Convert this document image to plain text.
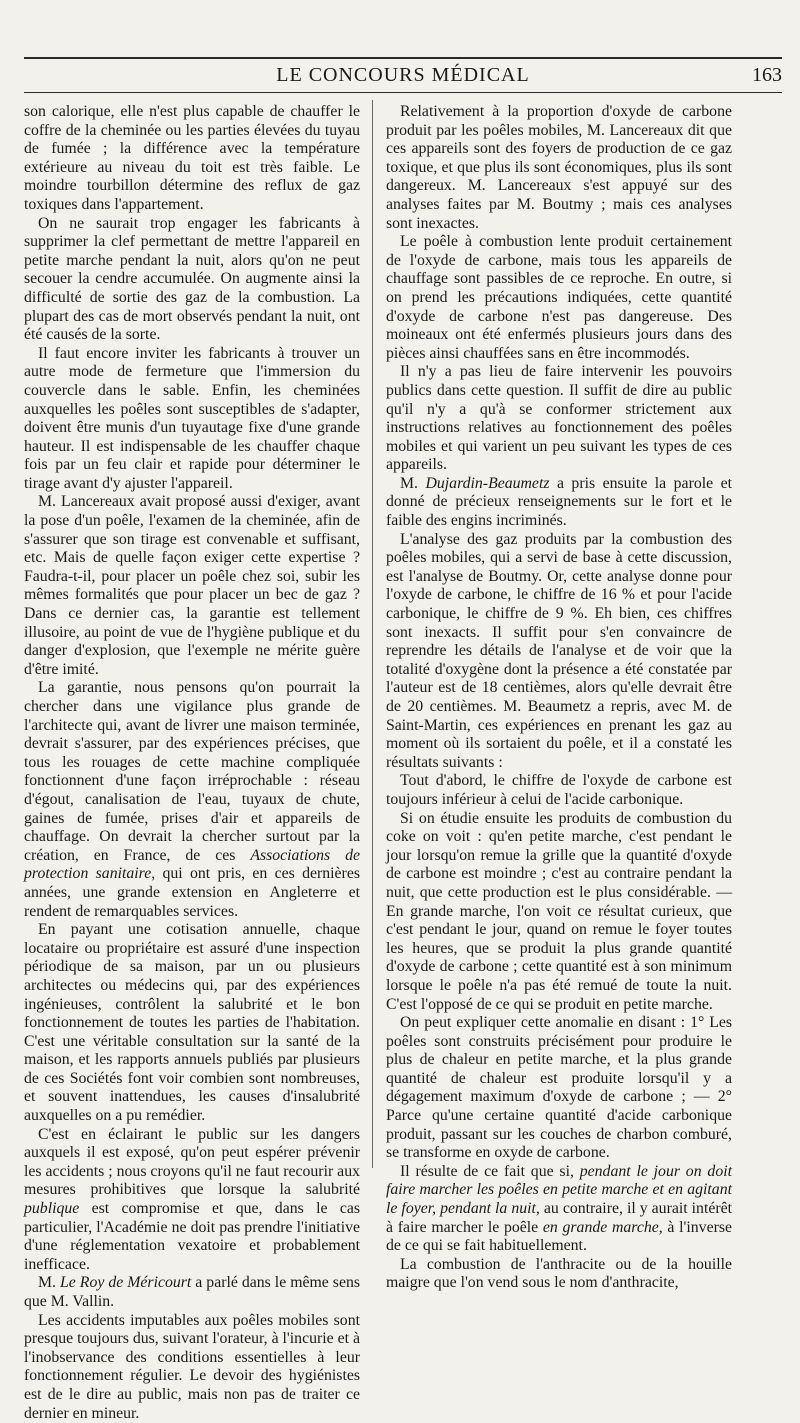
LE CONCOURS MÉDICAL	163

son calorique, elle n'est plus capable de chauffer le coffre de la cheminée ou les parties élevées du tuyau de fumée ; la différence avec la température extérieure au niveau du toit est très faible. Le moindre tourbillon détermine des reflux de gaz toxiques dans l'appartement.

On ne saurait trop engager les fabricants à supprimer la clef permettant de mettre l'appareil en petite marche pendant la nuit, alors qu'on ne peut secouer la cendre accumulée. On augmente ainsi la difficulté de sortie des gaz de la combustion. La plupart des cas de mort observés pendant la nuit, ont été causés de la sorte.

Il faut encore inviter les fabricants à trouver un autre mode de fermeture que l'immersion du couvercle dans le sable. Enfin, les cheminées auxquelles les poêles sont susceptibles de s'adapter, doivent être munis d'un tuyautage fixe d'une grande hauteur. Il est indispensable de les chauffer chaque fois par un feu clair et rapide pour déterminer le tirage avant d'y ajuster l'appareil.

M. Lancereaux avait proposé aussi d'exiger, avant la pose d'un poêle, l'examen de la cheminée, afin de s'assurer que son tirage est convenable et suffisant, etc. Mais de quelle façon exiger cette expertise ? Faudra-t-il, pour placer un poêle chez soi, subir les mêmes formalités que pour placer un bec de gaz ? Dans ce dernier cas, la garantie est tellement illusoire, au point de vue de l'hygiène publique et du danger d'explosion, que l'exemple ne mérite guère d'être imité.

La garantie, nous pensons qu'on pourrait la chercher dans une vigilance plus grande de l'architecte qui, avant de livrer une maison terminée, devrait s'assurer, par des expériences précises, que tous les rouages de cette machine compliquée fonctionnent d'une façon irréprochable : réseau d'égout, canalisation de l'eau, tuyaux de chute, gaines de fumée, prises d'air et appareils de chauffage. On devrait la chercher surtout par la création, en France, de ces Associations de protection sanitaire, qui ont pris, en ces dernières années, une grande extension en Angleterre et rendent de remarquables services.

En payant une cotisation annuelle, chaque locataire ou propriétaire est assuré d'une inspection périodique de sa maison, par un ou plusieurs architectes ou médecins qui, par des expériences ingénieuses, contrôlent la salubrité et le bon fonctionnement de toutes les parties de l'habitation. C'est une véritable consultation sur la santé de la maison, et les rapports annuels publiés par plusieurs de ces Sociétés font voir combien sont nombreuses, et souvent inattendues, les causes d'insalubrité auxquelles on a pu remédier.

C'est en éclairant le public sur les dangers auxquels il est exposé, qu'on peut espérer prévenir les accidents ; nous croyons qu'il ne faut recourir aux mesures prohibitives que lorsque la salubrité publique est compromise et que, dans le cas particulier, l'Académie ne doit pas prendre l'initiative d'une réglementation vexatoire et probablement inefficace.

M. Le Roy de Méricourt a parlé dans le même sens que M. Vallin.

Les accidents imputables aux poêles mobiles sont presque toujours dus, suivant l'orateur, à l'incurie et à l'inobservance des conditions essentielles à leur fonctionnement régulier. Le devoir des hygiénistes est de le dire au public, mais non pas de traiter ce dernier en mineur.

Relativement à la proportion d'oxyde de carbone produit par les poêles mobiles, M. Lancereaux dit que ces appareils sont des foyers de production de ce gaz toxique, et que plus ils sont économiques, plus ils sont dangereux. M. Lancereaux s'est appuyé sur des analyses faites par M. Boutmy ; mais ces analyses sont inexactes.

Le poêle à combustion lente produit certainement de l'oxyde de carbone, mais tous les appareils de chauffage sont passibles de ce reproche. En outre, si on prend les précautions indiquées, cette quantité d'oxyde de carbone n'est pas dangereuse. Des moineaux ont été enfermés plusieurs jours dans des pièces ainsi chauffées sans en être incommodés.

Il n'y a pas lieu de faire intervenir les pouvoirs publics dans cette question. Il suffit de dire au public qu'il n'y a qu'à se conformer strictement aux instructions relatives au fonctionnement des poêles mobiles et qui varient un peu suivant les types de ces appareils.

M. Dujardin-Beaumetz a pris ensuite la parole et donné de précieux renseignements sur le fort et le faible des engins incriminés.

L'analyse des gaz produits par la combustion des poêles mobiles, qui a servi de base à cette discussion, est l'analyse de Boutmy. Or, cette analyse donne pour l'oxyde de carbone, le chiffre de 16 % et pour l'acide carbonique, le chiffre de 9 %. Eh bien, ces chiffres sont inexacts. Il suffit pour s'en convaincre de reprendre les détails de l'analyse et de voir que la totalité d'oxygène dont la présence a été constatée par l'auteur est de 18 centièmes, alors qu'elle devrait être de 20 centièmes. M. Beaumetz a repris, avec M. de Saint-Martin, ces expériences en prenant les gaz au moment où ils sortaient du poêle, et il a constaté les résultats suivants :

Tout d'abord, le chiffre de l'oxyde de carbone est toujours inférieur à celui de l'acide carbonique.

Si on étudie ensuite les produits de combustion du coke on voit : qu'en petite marche, c'est pendant le jour lorsqu'on remue la grille que la quantité d'oxyde de carbone est moindre ; c'est au contraire pendant la nuit, que cette production est le plus considérable. — En grande marche, l'on voit ce résultat curieux, que c'est pendant le jour, quand on remue le foyer toutes les heures, que se produit la plus grande quantité d'oxyde de carbone ; cette quantité est à son minimum lorsque le poêle n'a pas été remué de toute la nuit. C'est l'opposé de ce qui se produit en petite marche.

On peut expliquer cette anomalie en disant : 1° Les poêles sont construits précisément pour produire le plus de chaleur en petite marche, et la plus grande quantité de chaleur est produite lorsqu'il y a dégagement maximum d'oxyde de carbone ; — 2° Parce qu'une certaine quantité d'acide carbonique produit, passant sur les couches de charbon comburé, se transforme en oxyde de carbone.

Il résulte de ce fait que si, pendant le jour on doit faire marcher les poêles en petite marche et en agitant le foyer, pendant la nuit, au contraire, il y aurait intérêt à faire marcher le poêle en grande marche, à l'inverse de ce qui se fait habituellement.

La combustion de l'anthracite ou de la houille maigre que l'on vend sous le nom d'anthracite,
